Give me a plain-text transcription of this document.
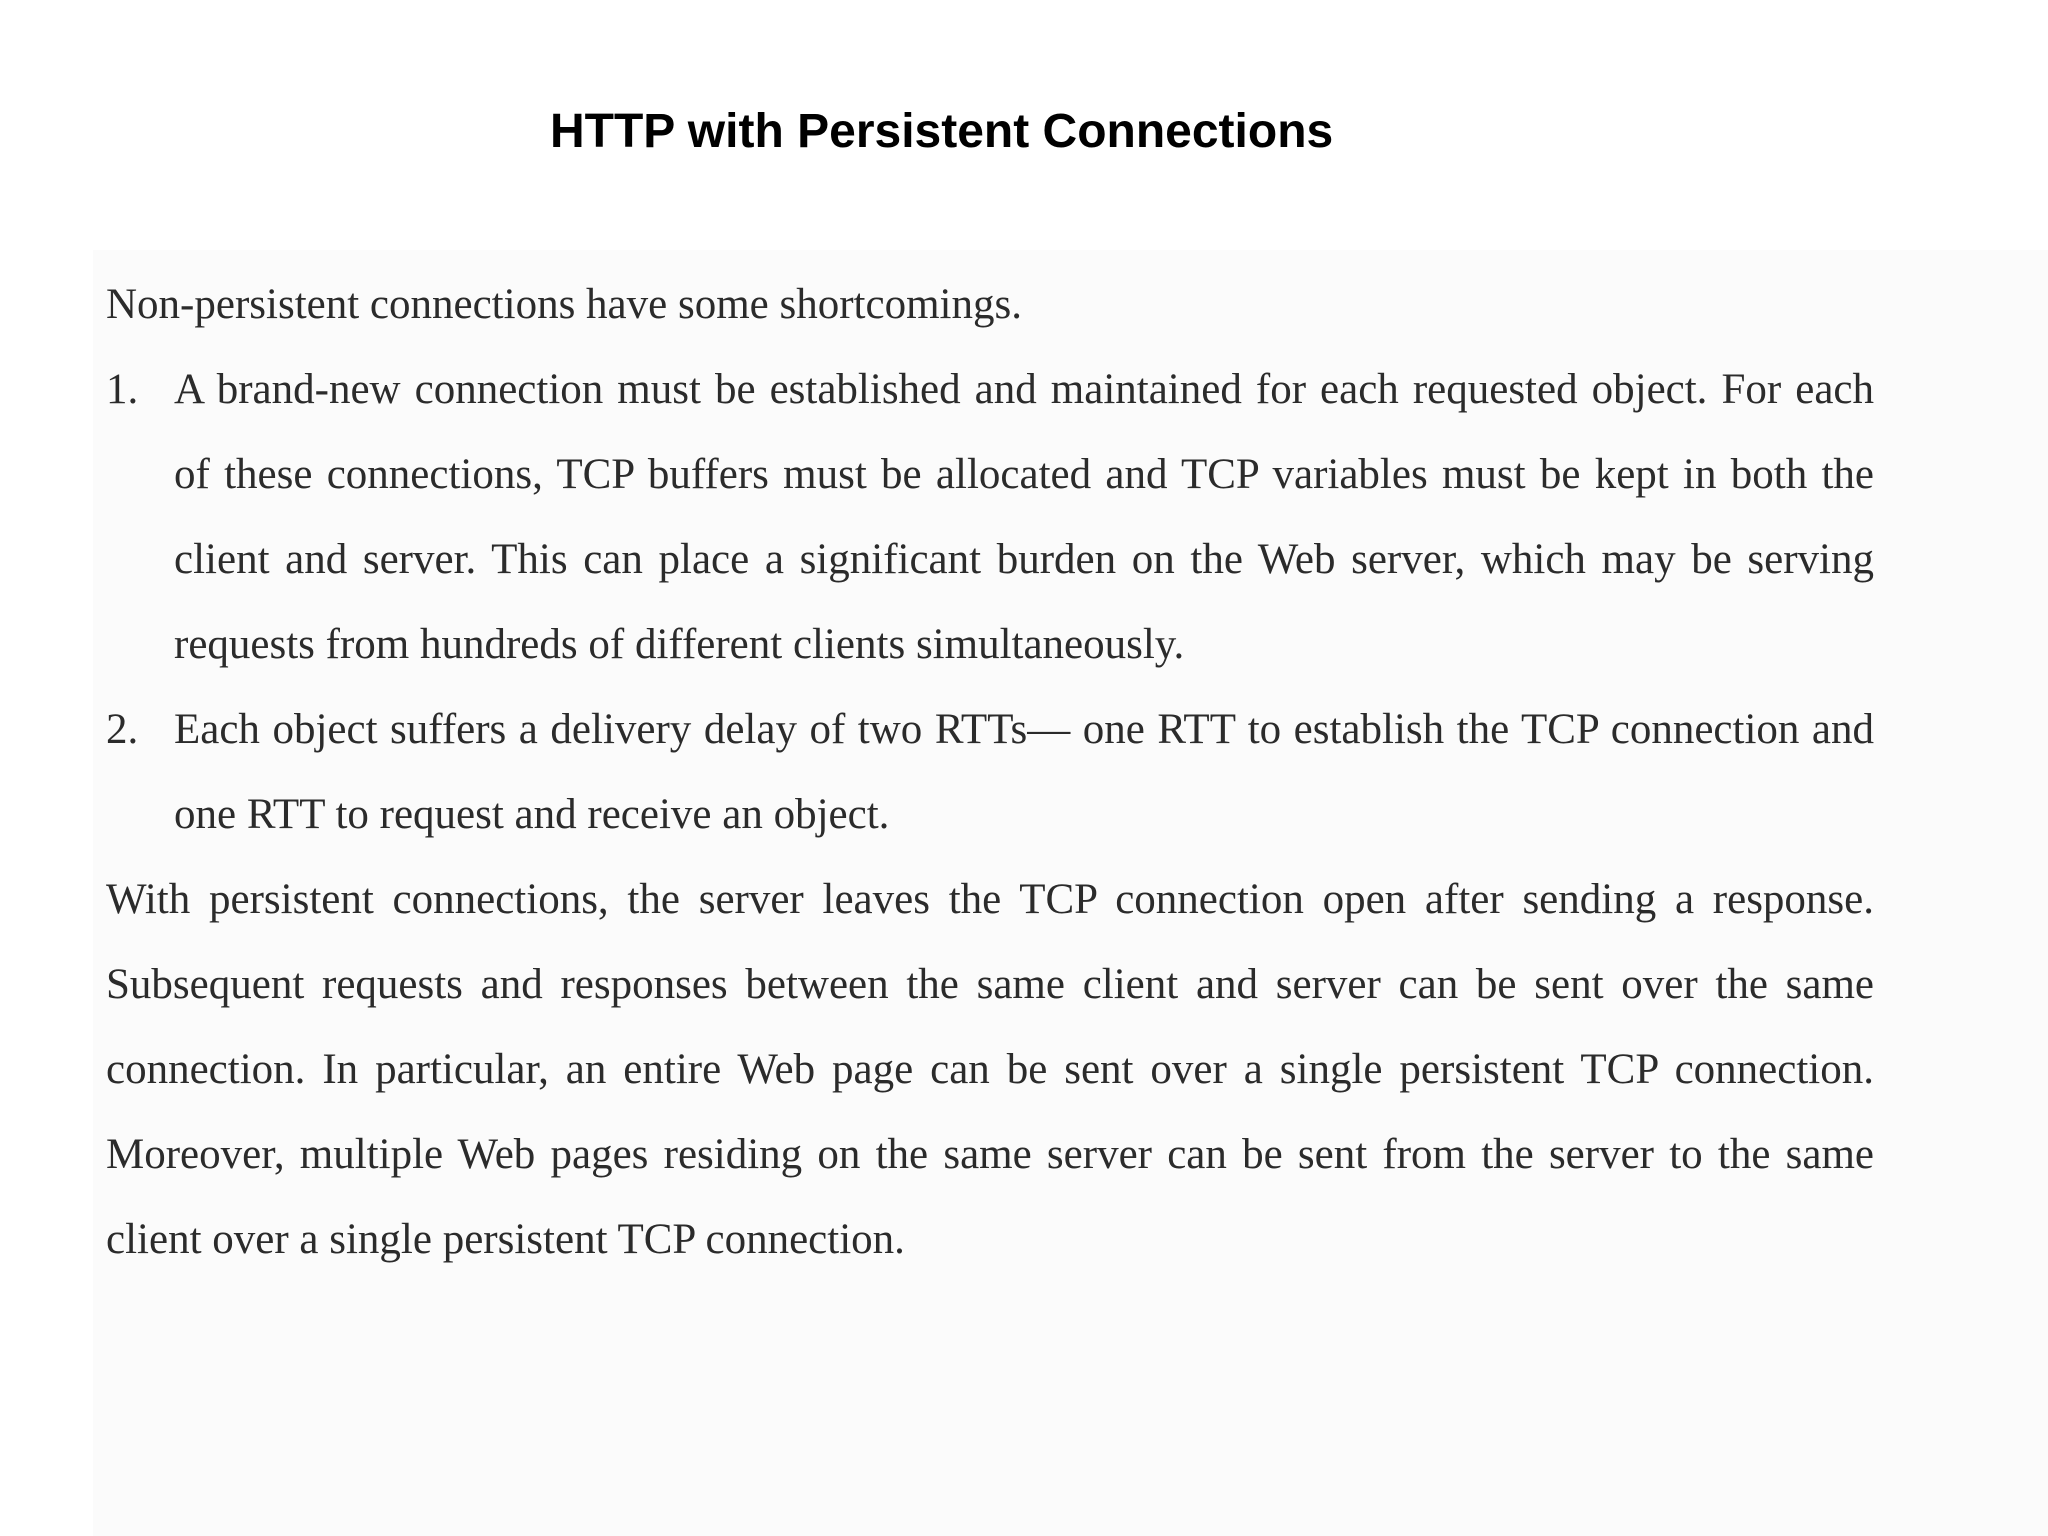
HTTP with Persistent Connections

Non-persistent connections have some shortcomings.

1. A brand-new connection must be established and maintained for each requested object. For each of these connections, TCP buffers must be allocated and TCP variables must be kept in both the client and server. This can place a significant burden on the Web server, which may be serving requests from hundreds of different clients simultaneously.
2. Each object suffers a delivery delay of two RTTs— one RTT to establish the TCP connection and one RTT to request and receive an object.

With persistent connections, the server leaves the TCP connection open after sending a response. Subsequent requests and responses between the same client and server can be sent over the same connection. In particular, an entire Web page can be sent over a single persistent TCP connection. Moreover, multiple Web pages residing on the same server can be sent from the server to the same client over a single persistent TCP connection.
